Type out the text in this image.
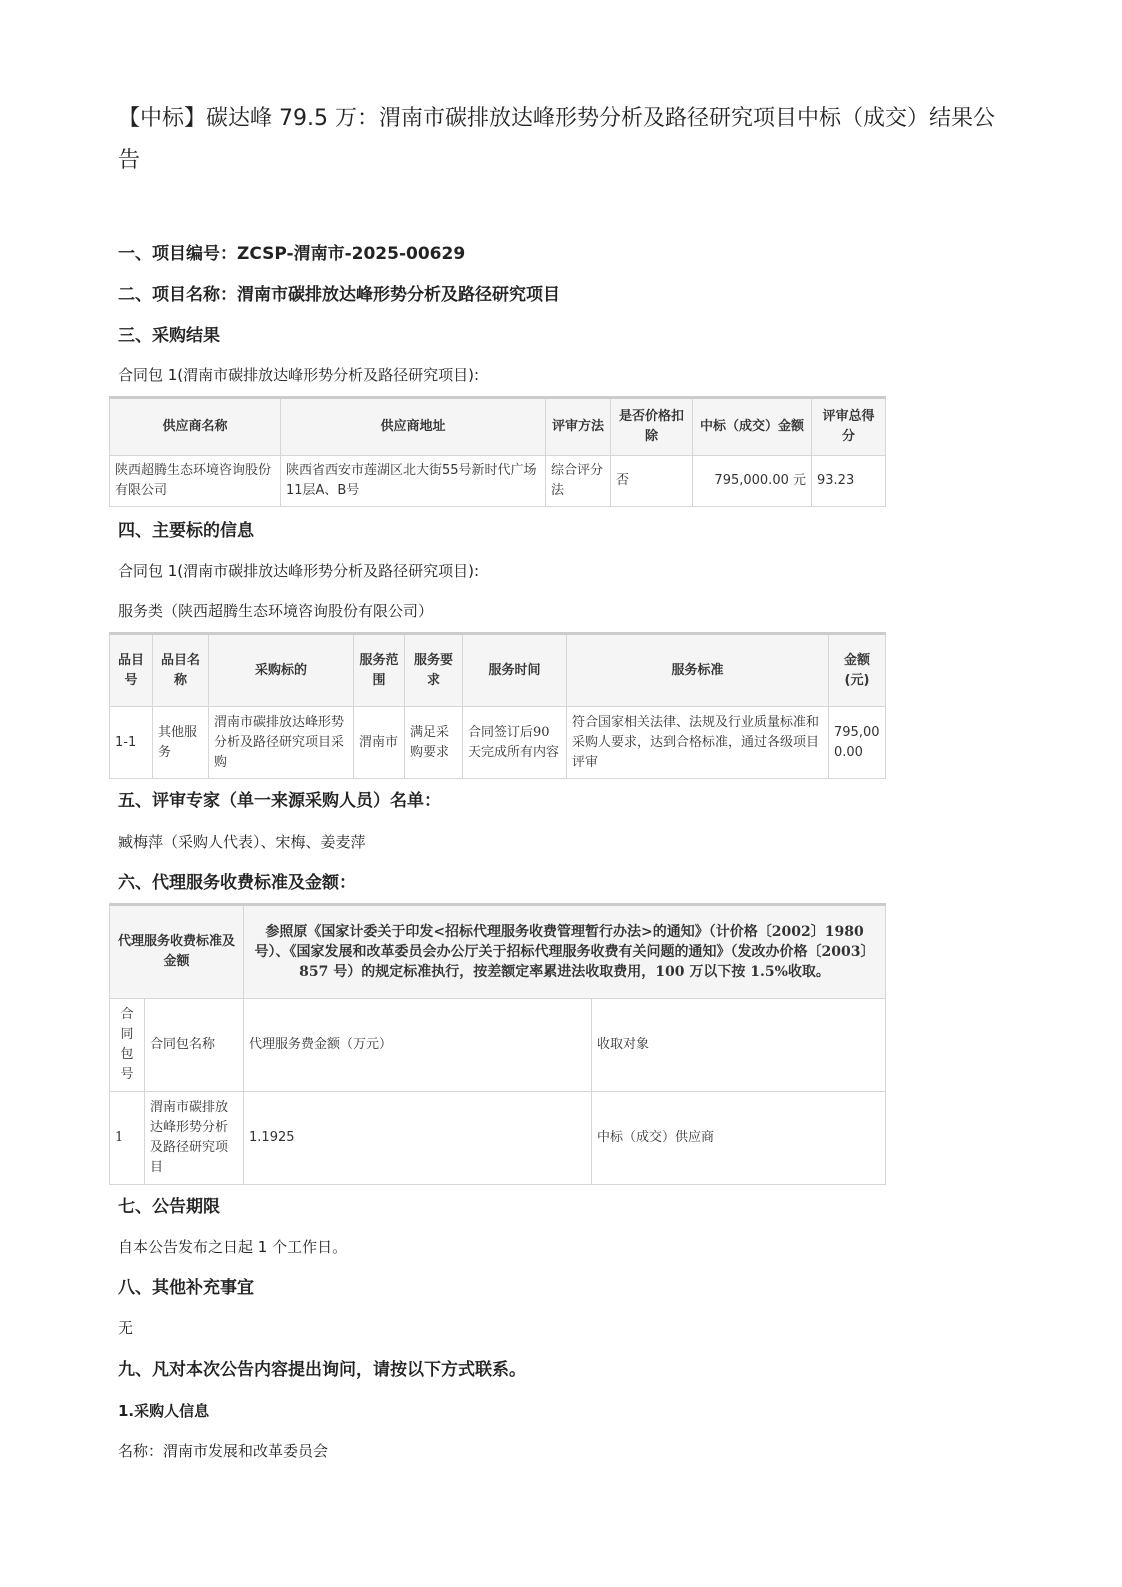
【中标】碳达峰 79.5 万：渭南市碳排放达峰形势分析及路径研究项目中标（成交）结果公告
一、项目编号：ZCSP-渭南市-2025-00629
二、项目名称：渭南市碳排放达峰形势分析及路径研究项目
三、采购结果
合同包 1(渭南市碳排放达峰形势分析及路径研究项目):
供应商名称	供应商地址	评审方法	是否价格扣除	中标（成交）金额	评审总得分
陕西超腾生态环境咨询股份有限公司	陕西省西安市莲湖区北大街55号新时代广场11层A、B号	综合评分法	否	795,000.00 元	93.23
四、主要标的信息
合同包 1(渭南市碳排放达峰形势分析及路径研究项目):
服务类（陕西超腾生态环境咨询股份有限公司）
品目号	品目名称	采购标的	服务范围	服务要求	服务时间	服务标准	金额(元)
1-1	其他服务	渭南市碳排放达峰形势分析及路径研究项目采购	渭南市	满足采购要求	合同签订后90天完成所有内容	符合国家相关法律、法规及行业质量标准和采购人要求，达到合格标准，通过各级项目评审	795,000.00
五、评审专家（单一来源采购人员）名单：
臧梅萍（采购人代表）、宋梅、姜麦萍
六、代理服务收费标准及金额：
代理服务收费标准及金额		参照原《国家计委关于印发<招标代理服务收费管理暂行办法>的通知》（计价格〔2002〕1980 号）、《国家发展和改革委员会办公厅关于招标代理服务收费有关问题的通知》（发改办价格〔2003〕857 号）的规定标准执行，按差额定率累进法收取费用，100 万以下按 1.5%收取。	
合同包号	合同包名称	代理服务费金额（万元）	收取对象
1	渭南市碳排放达峰形势分析及路径研究项目	1.1925	中标（成交）供应商
七、公告期限
自本公告发布之日起 1 个工作日。
八、其他补充事宜
无
九、凡对本次公告内容提出询问，请按以下方式联系。
1.采购人信息
名称：渭南市发展和改革委员会
